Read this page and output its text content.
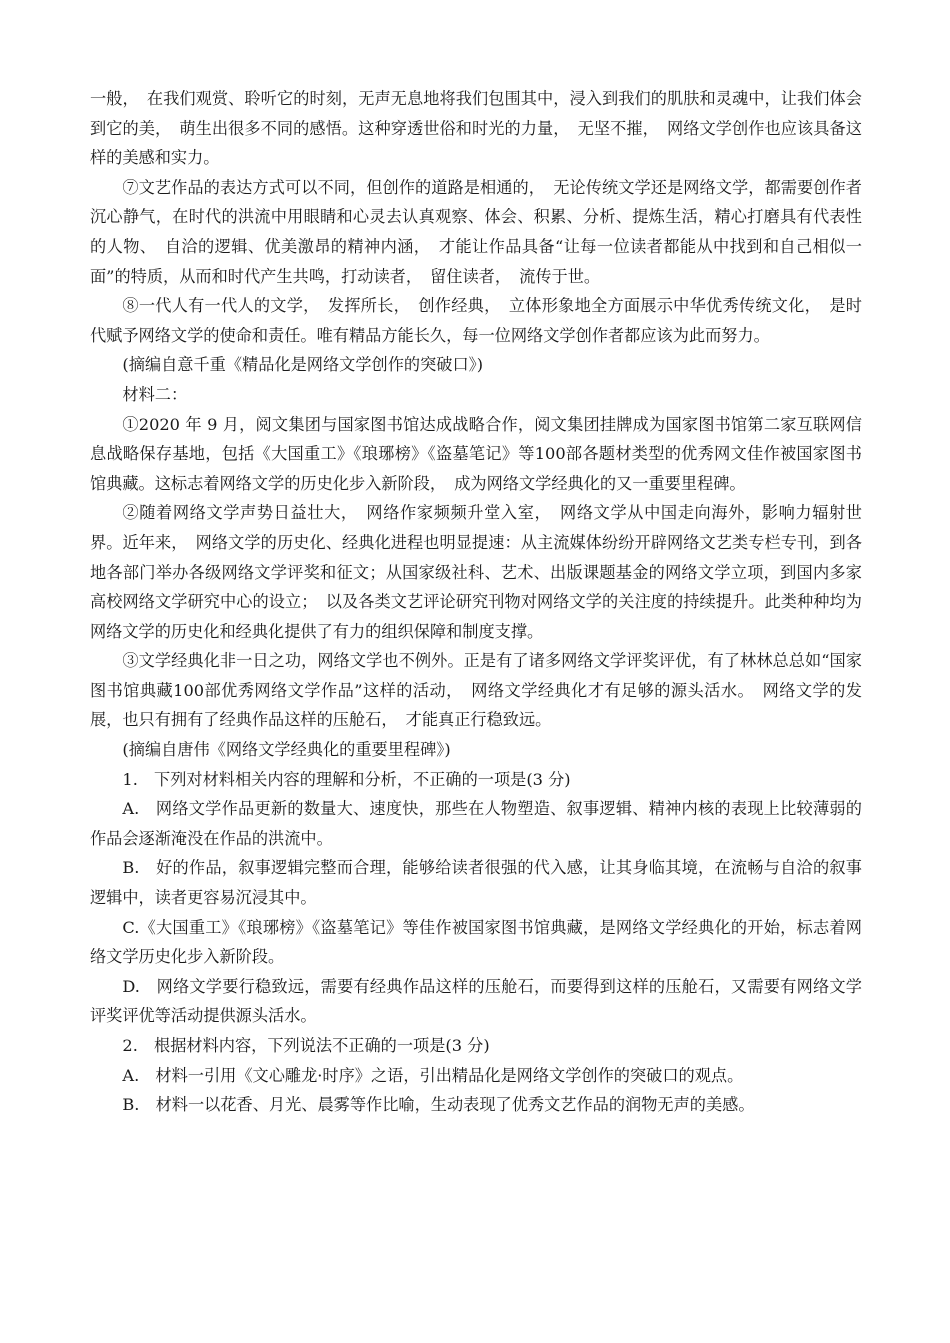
一般，　在我们观赏、聆听它的时刻，无声无息地将我们包围其中，浸入到我们的肌肤和灵魂中，让我们体会到它的美，　萌生出很多不同的感悟。这种穿透世俗和时光的力量，　无坚不摧，　网络文学创作也应该具备这样的美感和实力。

⑦文艺作品的表达方式可以不同，但创作的道路是相通的，　无论传统文学还是网络文学，都需要创作者沉心静气，在时代的洪流中用眼睛和心灵去认真观察、体会、积累、分析、提炼生活，精心打磨具有代表性的人物、　自洽的逻辑、优美激昂的精神内涵，　才能让作品具备“让每一位读者都能从中找到和自己相似一面”的特质，从而和时代产生共鸣，打动读者，　留住读者，　流传于世。

⑧一代人有一代人的文学，　发挥所长，　创作经典，　立体形象地全方面展示中华优秀传统文化，　是时代赋予网络文学的使命和责任。唯有精品方能长久，每一位网络文学创作者都应该为此而努力。

(摘编自意千重《精品化是网络文学创作的突破口》)

材料二：

①2020 年 9 月，阅文集团与国家图书馆达成战略合作，阅文集团挂牌成为国家图书馆第二家互联网信息战略保存基地，包括《大国重工》《琅琊榜》《盗墓笔记》等100部各题材类型的优秀网文佳作被国家图书馆典藏。这标志着网络文学的历史化步入新阶段，　成为网络文学经典化的又一重要里程碑。

②随着网络文学声势日益壮大，　网络作家频频升堂入室，　网络文学从中国走向海外，影响力辐射世界。近年来，　网络文学的历史化、经典化进程也明显提速：从主流媒体纷纷开辟网络文艺类专栏专刊，到各地各部门举办各级网络文学评奖和征文；从国家级社科、艺术、出版课题基金的网络文学立项，到国内多家高校网络文学研究中心的设立；　以及各类文艺评论研究刊物对网络文学的关注度的持续提升。此类种种均为网络文学的历史化和经典化提供了有力的组织保障和制度支撑。

③文学经典化非一日之功，网络文学也不例外。正是有了诸多网络文学评奖评优，有了林林总总如“国家图书馆典藏100部优秀网络文学作品”这样的活动，　网络文学经典化才有足够的源头活水。　网络文学的发展，也只有拥有了经典作品这样的压舱石，　才能真正行稳致远。

(摘编自唐伟《网络文学经典化的重要里程碑》)

1.　下列对材料相关内容的理解和分析，不正确的一项是(3 分)

A.　网络文学作品更新的数量大、速度快，那些在人物塑造、叙事逻辑、精神内核的表现上比较薄弱的作品会逐渐淹没在作品的洪流中。

B.　好的作品，叙事逻辑完整而合理，能够给读者很强的代入感，让其身临其境，在流畅与自洽的叙事逻辑中，读者更容易沉浸其中。

C.《大国重工》《琅琊榜》《盗墓笔记》等佳作被国家图书馆典藏，是网络文学经典化的开始，标志着网络文学历史化步入新阶段。

D.　网络文学要行稳致远，需要有经典作品这样的压舱石，而要得到这样的压舱石，又需要有网络文学评奖评优等活动提供源头活水。

2.　根据材料内容，下列说法不正确的一项是(3 分)

A.　材料一引用《文心雕龙·时序》之语，引出精品化是网络文学创作的突破口的观点。

B.　材料一以花香、月光、晨雾等作比喻，生动表现了优秀文艺作品的润物无声的美感。
